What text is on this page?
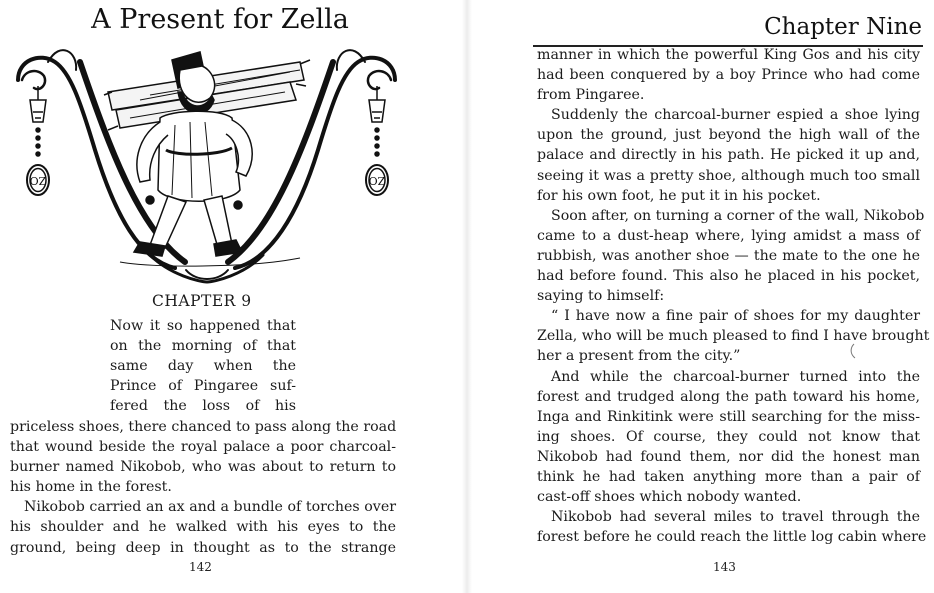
A Present for Zella
OZ	OZ
CHAPTER 9
Now it so happened that
on the morning of that
same day when the
Prince of Pingaree suf-
fered the loss of his
priceless shoes, there chanced to pass along the road
that wound beside the royal palace a poor charcoal-
burner named Nikobob, who was about to return to
his home in the forest.
Nikobob carried an ax and a bundle of torches over
his shoulder and he walked with his eyes to the
ground, being deep in thought as to the strange
142
Chapter Nine
manner in which the powerful King Gos and his city
had been conquered by a boy Prince who had come
from Pingaree.
Suddenly the charcoal-burner espied a shoe lying
upon the ground, just beyond the high wall of the
palace and directly in his path. He picked it up and,
seeing it was a pretty shoe, although much too small
for his own foot, he put it in his pocket.
Soon after, on turning a corner of the wall, Nikobob
came to a dust-heap where, lying amidst a mass of
rubbish, was another shoe — the mate to the one he
had before found. This also he placed in his pocket,
saying to himself:
“ I have now a fine pair of shoes for my daughter
Zella, who will be much pleased to find I have brought
her a present from the city.”
And while the charcoal-burner turned into the
forest and trudged along the path toward his home,
Inga and Rinkitink were still searching for the miss-
ing shoes. Of course, they could not know that
Nikobob had found them, nor did the honest man
think he had taken anything more than a pair of
cast-off shoes which nobody wanted.
Nikobob had several miles to travel through the
forest before he could reach the little log cabin where
143
